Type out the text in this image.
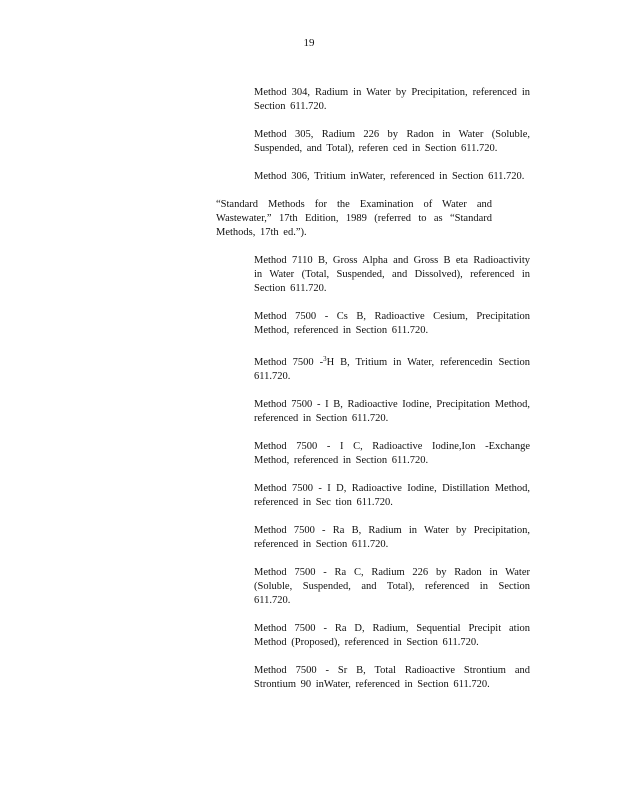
19

Method 304, Radium in Water by Precipitation, referenced in Section 611.720.

Method 305, Radium 226 by Radon in Water (Soluble, Suspended, and Total), referen ced in Section 611.720.

Method 306, Tritium inWater, referenced in Section 611.720.

“Standard Methods for the Examination of Water and Wastewater,” 17th Edition, 1989 (referred to as “Standard Methods, 17th ed.”).

Method 7110 B, Gross Alpha and Gross B eta Radioactivity in Water (Total, Suspended, and Dissolved), referenced in Section 611.720.

Method 7500 - Cs B, Radioactive Cesium, Precipitation Method, referenced in Section 611.720.

Method 7500 -$^3$H B, Tritium in Water, referencedin Section 611.720.

Method 7500 - I B, Radioactive Iodine, Precipitation Method, referenced in Section 611.720.

Method 7500 - I C, Radioactive Iodine,Ion -Exchange Method, referenced in Section 611.720.

Method 7500 - I D, Radioactive Iodine, Distillation Method, referenced in Sec tion 611.720.

Method 7500 - Ra B, Radium in Water by Precipitation, referenced in Section 611.720.

Method 7500 - Ra C, Radium 226 by Radon in Water (Soluble, Suspended, and Total), referenced in Section 611.720.

Method 7500 - Ra D, Radium, Sequential Precipit ation Method (Proposed), referenced in Section 611.720.

Method 7500 - Sr B, Total Radioactive Strontium and Strontium 90 inWater, referenced in Section 611.720.
